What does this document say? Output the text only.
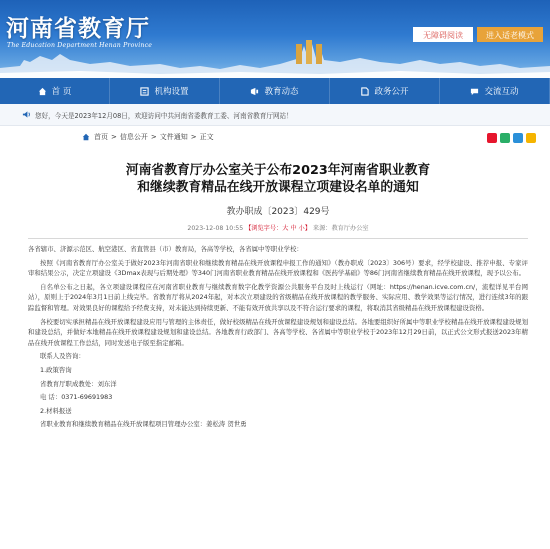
河南省教育厅
The Education Department Henan Province
无障碍阅读	进入适老模式
首 页	机构设置	教育动态	政务公开	交流互动
您好，今天是2023年12月08日，欢迎访问中共河南省委教育工委、河南省教育厅网站！
首页 > 信息公开 > 文件通知 > 正文
河南省教育厅办公室关于公布2023年河南省职业教育
和继续教育精品在线开放课程立项建设名单的通知
教办职成〔2023〕429号
2023-12-08 10:55 【浏览字号：大 中 小】 来源：教育厅办公室

各省辖市、济源示范区、航空港区、省直管县（市）教育局，各高等学校，各省属中等职业学校：

按照《河南省教育厅办公室关于做好2023年河南省职业和继续教育精品在线开放课程申报工作的通知》（教办职成〔2023〕306号）要求，经学校建设、推荐申报、专家评审和结果公示，决定立项建设《3Dmax表现与后期处理》等340门河南省职业教育精品在线开放课程和《医药学基础》等86门河南省继续教育精品在线开放课程，现予以公布。

自名单公布之日起，各立项建设课程应在河南省职业教育与继续教育数字化教学资源公共服务平台及时上线运行（网址：https://henan.icve.com.cn/，流程详见平台网站），原则上于2024年3月1日前上线完毕。省教育厅将从2024年起，对本次立项建设的省级精品在线开放课程的教学服务、实际应用、教学效果等运行情况，进行连续3年的跟踪监督和管理。对效果良好的课程给予经费支持，对未能达到持续更新、不能有效开放共享以及不符合运行要求的课程，将取消其省级精品在线开放课程建设资格。

各校要切实承担精品在线开放课程建设应用与管理的主体责任，做好校级精品在线开放课程建设规划和建设总结。各地要组织好所属中等职业学校精品在线开放课程建设规划和建设总结，并做好本地精品在线开放课程建设规划和建设总结。各地教育行政部门、各高等学校、各省属中等职业学校于2023年12月29日前，以正式公文形式报送2023年精品在线开放课程工作总结，同时发送电子版至指定邮箱。

联系人及咨询：

1.政策咨询

省教育厅职成教处：刘东洋

电 话：0371-69691983

2.材料报送

省职业教育和继续教育精品在线开放课程项目管理办公室：姜松涛 贺世勇
